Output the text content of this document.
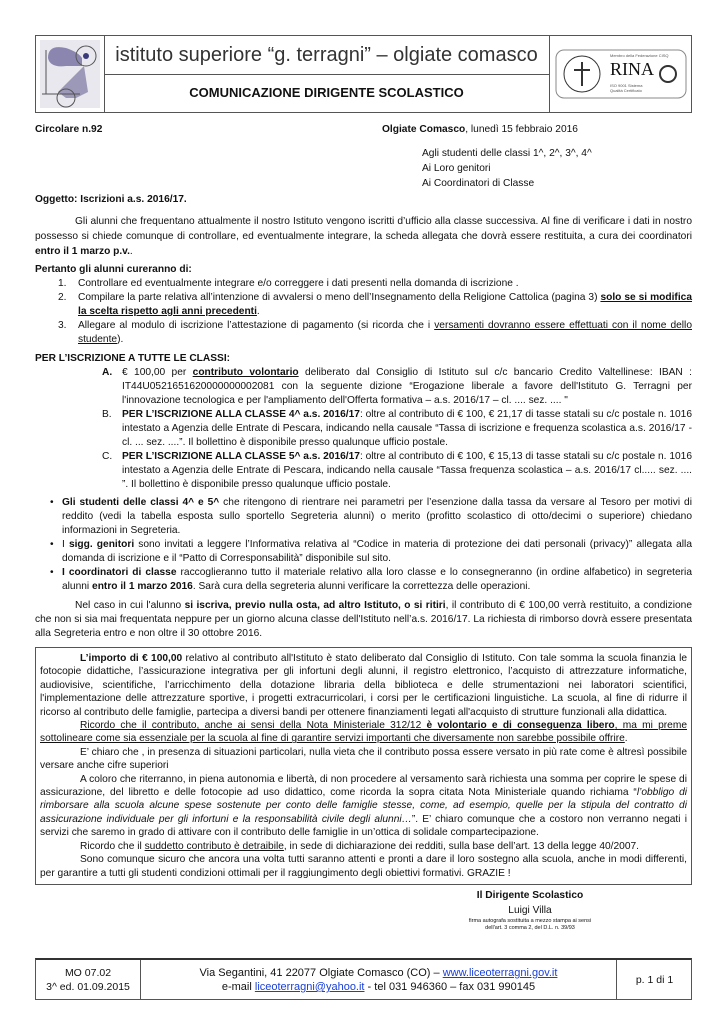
istituto superiore “g. terragni” – olgiate comasco
COMUNICAZIONE DIRIGENTE SCOLASTICO
Membro della Federazione CISQ
RINA
ISO 9001 Sistema Qualità Certificato
Circolare n.92	Olgiate Comasco, lunedì 15 febbraio 2016
Agli studenti delle classi 1^, 2^, 3^, 4^
Ai Loro genitori
Ai Coordinatori di Classe
Oggetto: Iscrizioni a.s. 2016/17.
Gli alunni che frequentano attualmente il nostro Istituto vengono iscritti d’ufficio alla classe successiva. Al fine di verificare i dati in nostro possesso si chiede comunque di controllare, ed eventualmente integrare, la scheda allegata che dovrà essere restituita, a cura dei coordinatori entro il 1 marzo p.v..
Pertanto gli alunni cureranno di:
1. Controllare ed eventualmente integrare e/o correggere i dati presenti nella domanda di iscrizione .
2. Compilare la parte relativa all’intenzione di avvalersi o meno dell’Insegnamento della Religione Cattolica (pagina 3) solo se si modifica la scelta rispetto agli anni precedenti.
3. Allegare al modulo di iscrizione l’attestazione di pagamento (si ricorda che i versamenti dovranno essere effettuati con il nome dello studente).
PER L’ISCRIZIONE A TUTTE LE CLASSI:
A. € 100,00 per contributo volontario deliberato dal Consiglio di Istituto sul c/c bancario Credito Valtellinese: IBAN : IT44U0521651620000000002081 con la seguente dizione “Erogazione liberale a favore dell'Istituto G. Terragni per l'innovazione tecnologica e per l'ampliamento dell'Offerta formativa – a.s. 2016/17 – cl. .... sez. .... "
B. PER L’ISCRIZIONE ALLA CLASSE 4^ a.s. 2016/17: oltre al contributo di € 100, € 21,17 di tasse statali su c/c postale n. 1016 intestato a Agenzia delle Entrate di Pescara, indicando nella causale “Tassa di iscrizione e frequenza scolastica a.s. 2016/17 - cl. ... sez. ....”. Il bollettino è disponibile presso qualunque ufficio postale.
C. PER L’ISCRIZIONE ALLA CLASSE 5^ a.s. 2016/17: oltre al contributo di € 100, € 15,13 di tasse statali su c/c postale n. 1016 intestato a Agenzia delle Entrate di Pescara, indicando nella causale “Tassa frequenza scolastica – a.s. 2016/17 cl..... sez. .... ”. Il bollettino è disponibile presso qualunque ufficio postale.
• Gli studenti delle classi 4^ e 5^ che ritengono di rientrare nei parametri per l’esenzione dalla tassa da versare al Tesoro per motivi di reddito (vedi la tabella esposta sullo sportello Segreteria alunni) o merito (profitto scolastico di otto/decimi o superiore) chiedano informazioni in Segreteria.
• I sigg. genitori sono invitati a leggere l’Informativa relativa al “Codice in materia di protezione dei dati personali (privacy)” allegata alla domanda di iscrizione e il “Patto di Corresponsabilità” disponibile sul sito.
• I coordinatori di classe raccoglieranno tutto il materiale relativo alla loro classe e lo consegneranno (in ordine alfabetico) in segreteria alunni entro il 1 marzo 2016. Sarà cura della segreteria alunni verificare la correttezza delle operazioni.
Nel caso in cui l'alunno si iscriva, previo nulla osta, ad altro Istituto, o si ritiri, il contributo di € 100,00 verrà restituito, a condizione che non si sia mai frequentata neppure per un giorno alcuna classe dell'Istituto nell’a.s. 2016/17. La richiesta di rimborso dovrà essere presentata alla Segreteria entro e non oltre il 30 ottobre 2016.

L’importo di € 100,00 relativo al contributo all'Istituto è stato deliberato dal Consiglio di Istituto. Con tale somma la scuola finanzia le fotocopie didattiche, l’assicurazione integrativa per gli infortuni degli alunni, il registro elettronico, l’acquisto di attrezzature informatiche, audiovisive, scientifiche, l’arricchimento della dotazione libraria della biblioteca e delle strumentazioni nei laboratori scientifici, l'implementazione delle attrezzature sportive, i progetti extracurricolari, i corsi per le certificazioni linguistiche. La scuola, al fine di ridurre il ricorso al contributo delle famiglie, partecipa a diversi bandi per ottenere finanziamenti legati all'acquisto di strutture funzionali alla didattica.

Ricordo che il contributo, anche ai sensi della Nota Ministeriale 312/12 è volontario e di conseguenza libero, ma mi preme sottolineare come sia essenziale per la scuola al fine di garantire servizi importanti che diversamente non sarebbe possibile offrire.

E’ chiaro che , in presenza di situazioni particolari, nulla vieta che il contributo possa essere versato in più rate come è altresì possibile versare anche cifre superiori

A coloro che riterranno, in piena autonomia e libertà, di non procedere al versamento sarà richiesta una somma per coprire le spese di assicurazione, del libretto e delle fotocopie ad uso didattico, come ricorda la sopra citata Nota Ministeriale quando richiama “l’obbligo di rimborsare alla scuola alcune spese sostenute per conto delle famiglie stesse, come, ad esempio, quelle per la stipula del contratto di assicurazione individuale per gli infortuni e la responsabilità civile degli alunni…”. E’ chiaro comunque che a costoro non verranno negati i servizi che saremo in grado di attivare con il contributo delle famiglie in un’ottica di solidale compartecipazione.

Ricordo che il suddetto contributo è detraibile, in sede di dichiarazione dei redditi, sulla base dell’art. 13 della legge 40/2007.

Sono comunque sicuro che ancora una volta tutti saranno attenti e pronti a dare il loro sostegno alla scuola, anche in modi differenti, per garantire a tutti gli studenti condizioni ottimali per il raggiungimento degli obiettivi formativi. GRAZIE !

Il Dirigente Scolastico
Luigi Villa
firma autografa sostituita a mezzo stampa ai sensi
dell'art. 3 comma 2, del D.L. n. 39/93
MO 07.02
3^ ed. 01.09.2015
Via Segantini, 41 22077 Olgiate Comasco (CO) – www.liceoterragni.gov.it
e-mail liceoterragni@yahoo.it - tel 031 946360 – fax 031 990145
p. 1 di 1
